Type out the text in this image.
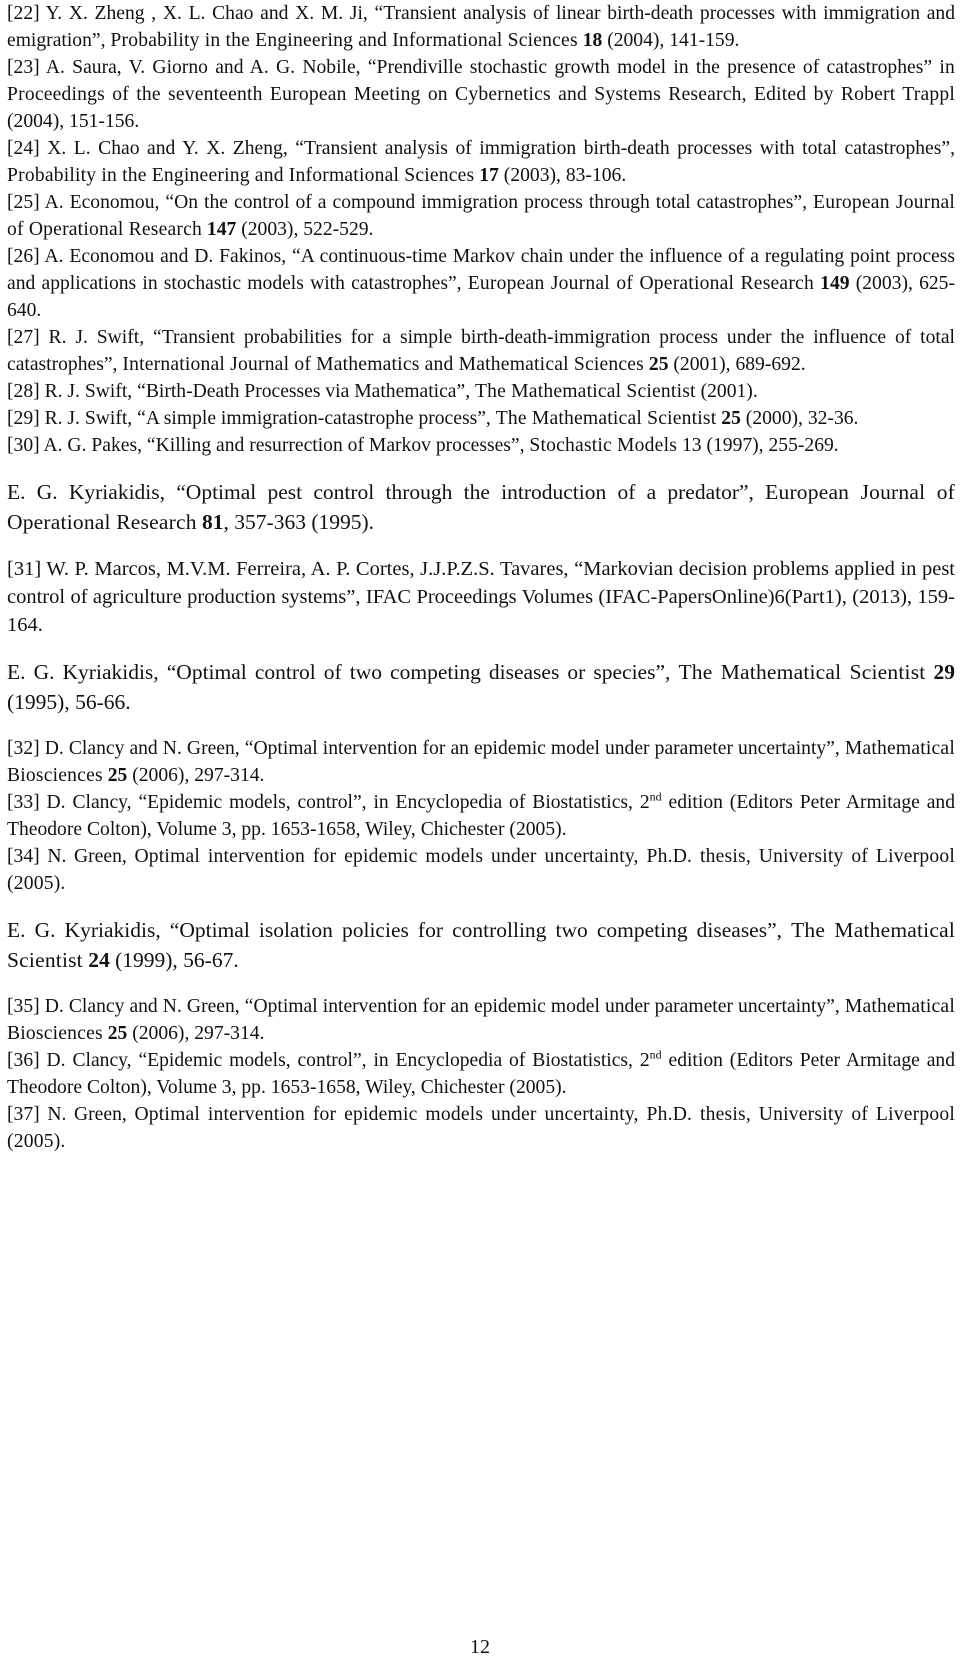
[22] Y. X. Zheng , X. L. Chao and X. M. Ji, “Transient analysis of linear birth-death processes with immigration and emigration”, Probability in the Engineering and Informational Sciences 18 (2004), 141-159.

[23] A. Saura, V. Giorno and A. G. Nobile, “Prendiville stochastic growth model in the presence of catastrophes” in Proceedings of the seventeenth European Meeting on Cybernetics and Systems Research, Edited by Robert Trappl (2004), 151-156.

[24] X. L. Chao and Y. X. Zheng, “Transient analysis of immigration birth-death processes with total catastrophes”, Probability in the Engineering and Informational Sciences 17 (2003), 83-106.

[25] A. Economou, “On the control of a compound immigration process through total catastrophes”, European Journal of Operational Research 147 (2003), 522-529.

[26] A. Economou and D. Fakinos, “A continuous-time Markov chain under the influence of a regulating point process and applications in stochastic models with catastrophes”, European Journal of Operational Research 149 (2003), 625-640.

[27] R. J. Swift, “Transient probabilities for a simple birth-death-immigration process under the influence of total catastrophes”, International Journal of Mathematics and Mathematical Sciences 25 (2001), 689-692.

[28] R. J. Swift, “Birth-Death Processes via Mathematica”, The Mathematical Scientist (2001).

[29] R. J. Swift, “A simple immigration-catastrophe process”, The Mathematical Scientist 25 (2000), 32-36.

[30] A. G. Pakes, “Killing and resurrection of Markov processes”, Stochastic Models 13 (1997), 255-269.

E. G. Kyriakidis, “Optimal pest control through the introduction of a predator”, European Journal of Operational Research 81, 357-363 (1995).

[31] W. P. Marcos, M.V.M. Ferreira, A. P. Cortes, J.J.P.Z.S. Tavares, “Markovian decision problems applied in pest control of agriculture production systems”, IFAC Proceedings Volumes (IFAC-PapersOnline)6(Part1), (2013), 159-164.

E. G. Kyriakidis, “Optimal control of two competing diseases or species”, The Mathematical Scientist 29 (1995), 56-66.

[32] D. Clancy and N. Green, “Optimal intervention for an epidemic model under parameter uncertainty”, Mathematical Biosciences 25 (2006), 297-314.

[33] D. Clancy, “Epidemic models, control”, in Encyclopedia of Biostatistics, 2nd edition (Editors Peter Armitage and Theodore Colton), Volume 3, pp. 1653-1658, Wiley, Chichester (2005).

[34] N. Green, Optimal intervention for epidemic models under uncertainty, Ph.D. thesis, University of Liverpool (2005).

E. G. Kyriakidis, “Optimal isolation policies for controlling two competing diseases”, The Mathematical Scientist 24 (1999), 56-67.

[35] D. Clancy and N. Green, “Optimal intervention for an epidemic model under parameter uncertainty”, Mathematical Biosciences 25 (2006), 297-314.

[36] D. Clancy, “Epidemic models, control”, in Encyclopedia of Biostatistics, 2nd edition (Editors Peter Armitage and Theodore Colton), Volume 3, pp. 1653-1658, Wiley, Chichester (2005).

[37] N. Green, Optimal intervention for epidemic models under uncertainty, Ph.D. thesis, University of Liverpool (2005).

12
